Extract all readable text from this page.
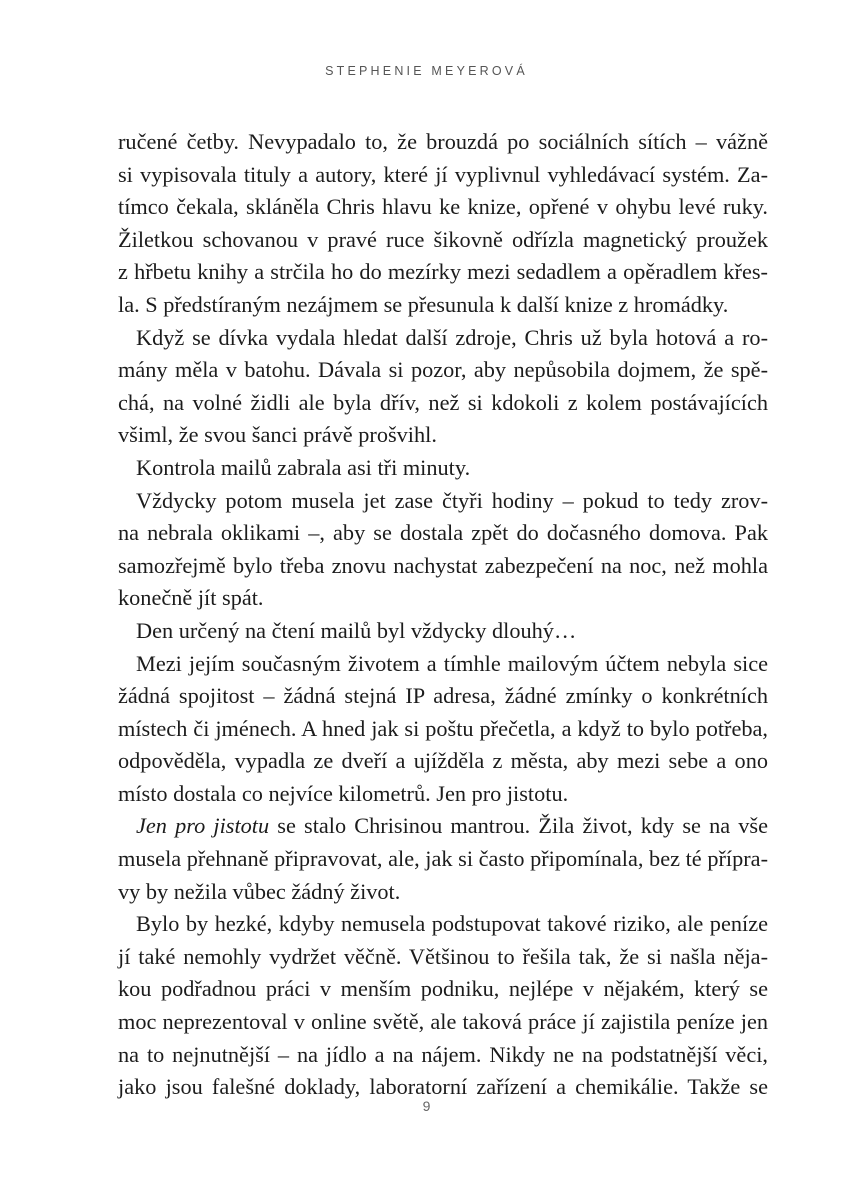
STEPHENIE MEYEROVÁ
ručené četby. Nevypadalo to, že brouzdá po sociálních sítích – vážně
si vypisovala tituly a autory, které jí vyplivnul vyhledávací systém. Za-
tímco čekala, skláněla Chris hlavu ke knize, opřené v ohybu levé ruky.
Žiletkou schovanou v pravé ruce šikovně odřízla magnetický proužek
z hřbetu knihy a strčila ho do mezírky mezi sedadlem a opěradlem křes-
la. S předstíraným nezájmem se přesunula k další knize z hromádky.
Když se dívka vydala hledat další zdroje, Chris už byla hotová a ro-
mány měla v batohu. Dávala si pozor, aby nepůsobila dojmem, že spě-
chá, na volné židli ale byla dřív, než si kdokoli z kolem postávajících
všiml, že svou šanci právě prošvihl.
Kontrola mailů zabrala asi tři minuty.
Vždycky potom musela jet zase čtyři hodiny – pokud to tedy zrov-
na nebrala oklikami –, aby se dostala zpět do dočasného domova. Pak
samozřejmě bylo třeba znovu nachystat zabezpečení na noc, než mohla
konečně jít spát.
Den určený na čtení mailů byl vždycky dlouhý…
Mezi jejím současným životem a tímhle mailovým účtem nebyla sice
žádná spojitost – žádná stejná IP adresa, žádné zmínky o konkrétních
místech či jménech. A hned jak si poštu přečetla, a když to bylo potřeba,
odpověděla, vypadla ze dveří a ujížděla z města, aby mezi sebe a ono
místo dostala co nejvíce kilometrů. Jen pro jistotu.
Jen pro jistotu se stalo Chrisinou mantrou. Žila život, kdy se na vše
musela přehnaně připravovat, ale, jak si často připomínala, bez té přípra-
vy by nežila vůbec žádný život.
Bylo by hezké, kdyby nemusela podstupovat takové riziko, ale peníze
jí také nemohly vydržet věčně. Většinou to řešila tak, že si našla něja-
kou podřadnou práci v menším podniku, nejlépe v nějakém, který se
moc neprezentoval v online světě, ale taková práce jí zajistila peníze jen
na to nejnutnější – na jídlo a na nájem. Nikdy ne na podstatnější věci,
jako jsou falešné doklady, laboratorní zařízení a chemikálie. Takže se
9
